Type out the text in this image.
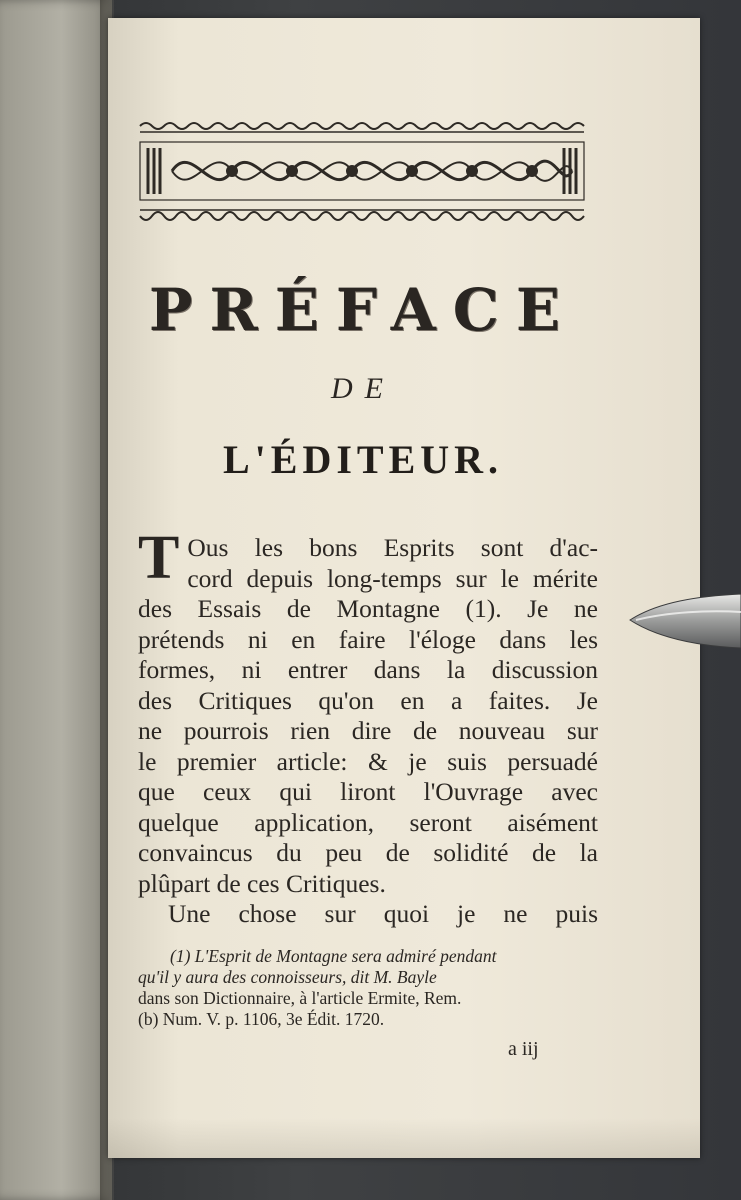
PRÉFACE
DE
L'ÉDITEUR.
T Ous les bons Esprits sont d'ac-
cord depuis long-temps sur le mérite
des Essais de Montagne (1). Je ne
prétends ni en faire l'éloge dans les
formes, ni entrer dans la discussion
des Critiques qu'on en a faites. Je
ne pourrois rien dire de nouveau sur
le premier article: & je suis persuadé
que ceux qui liront l'Ouvrage avec
quelque application, seront aisément
convaincus du peu de solidité de la
plûpart de ces Critiques.
Une chose sur quoi je ne puis
(1) L'Esprit de Montagne sera admiré pendant
qu'il y aura des connoisseurs, dit M. Bayle
dans son Dictionnaire, à l'article Ermite, Rem.
(b) Num. V. p. 1106, 3e Édit. 1720.
a iij
